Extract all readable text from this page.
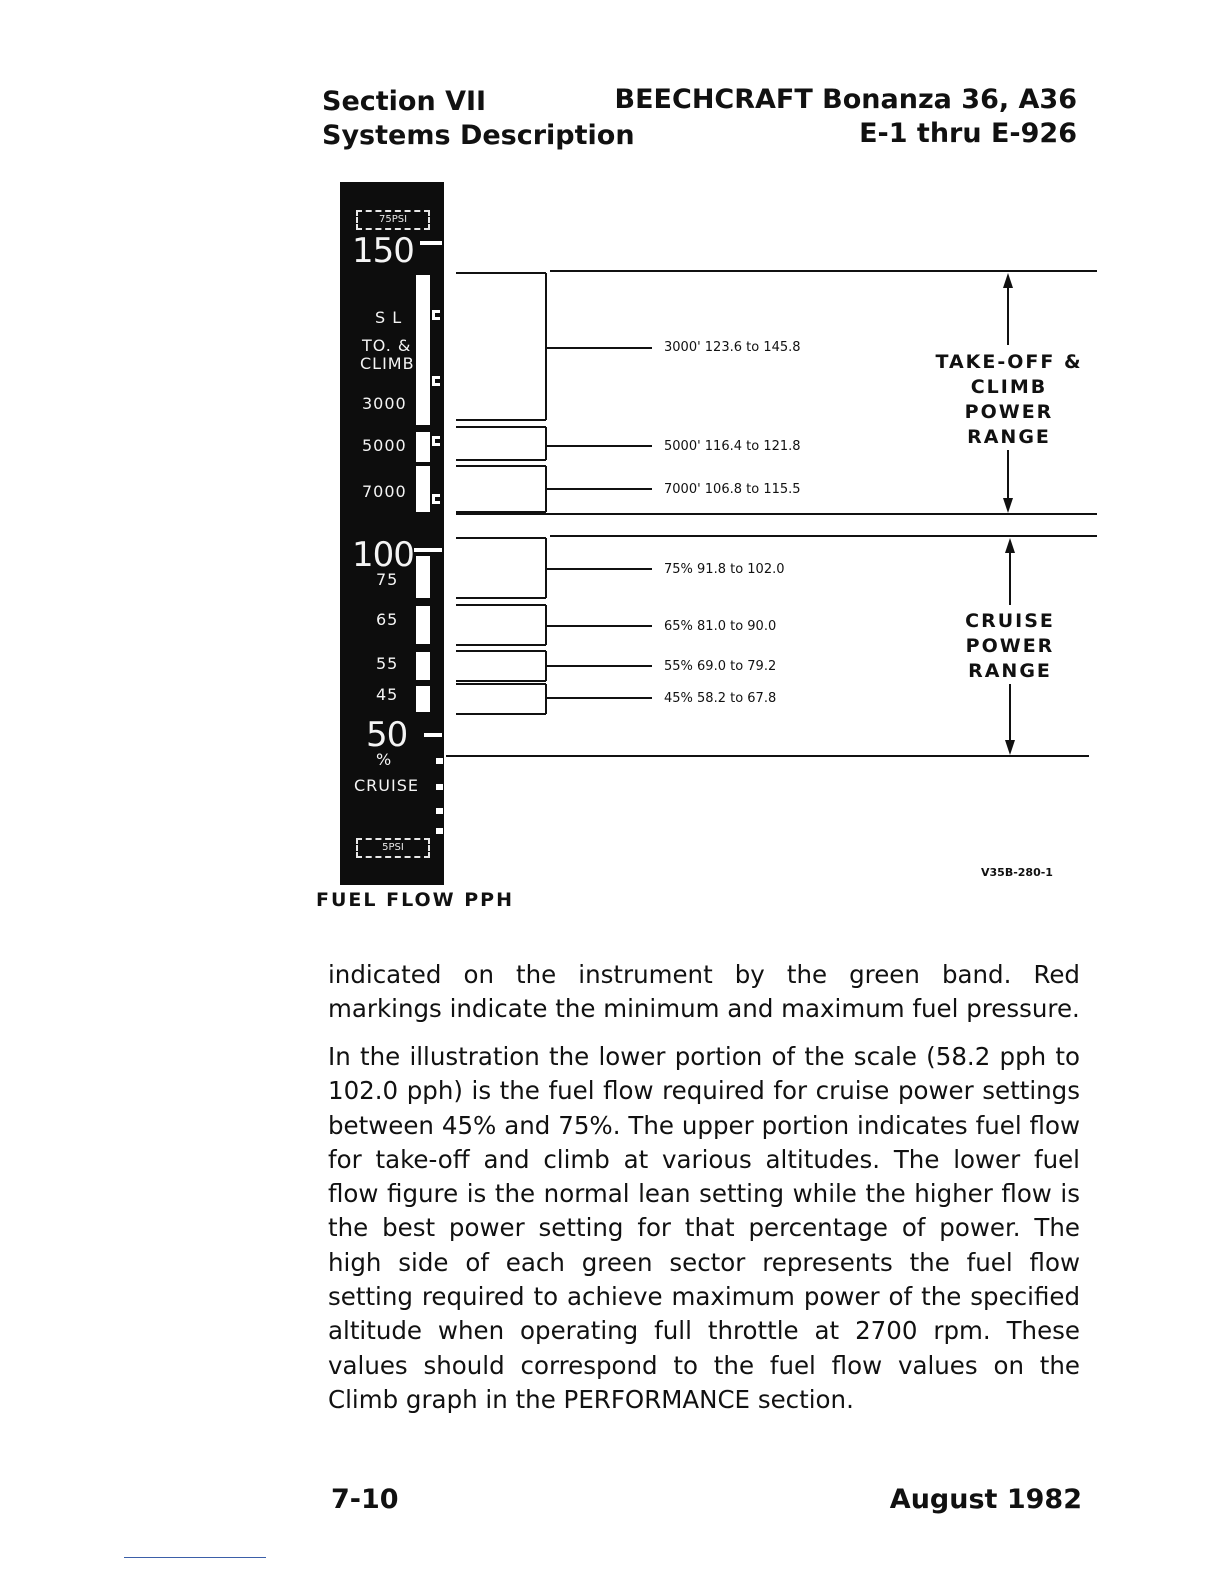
Section VII
Systems Description
BEECHCRAFT Bonanza 36, A36
E-1 thru E-926
75PSI
5PSI
150
S L
TO. &
CLIMB
3000
5000
7000
100
75
65
55
45
50
%
CRUISE
3000' 123.6 to 145.8
5000' 116.4 to 121.8
7000' 106.8 to 115.5
75% 91.8 to 102.0
65% 81.0 to 90.0
55% 69.0 to 79.2
45% 58.2 to 67.8
TAKE-OFF & CLIMB POWER RANGE
CRUISE POWER RANGE
FUEL FLOW PPH
V35B-280-1

indicated on the instrument by the green band. Red markings indicate the minimum and maximum fuel pressure.

In the illustration the lower portion of the scale (58.2 pph to 102.0 pph) is the fuel flow required for cruise power settings between 45% and 75%. The upper portion indicates fuel flow for take-off and climb at various altitudes. The lower fuel flow figure is the normal lean setting while the higher flow is the best power setting for that percentage of power. The high side of each green sector represents the fuel flow setting required to achieve maximum power of the specified altitude when operating full throttle at 2700 rpm. These values should correspond to the fuel flow values on the Climb graph in the PERFORMANCE section.

7-10	August 1982
